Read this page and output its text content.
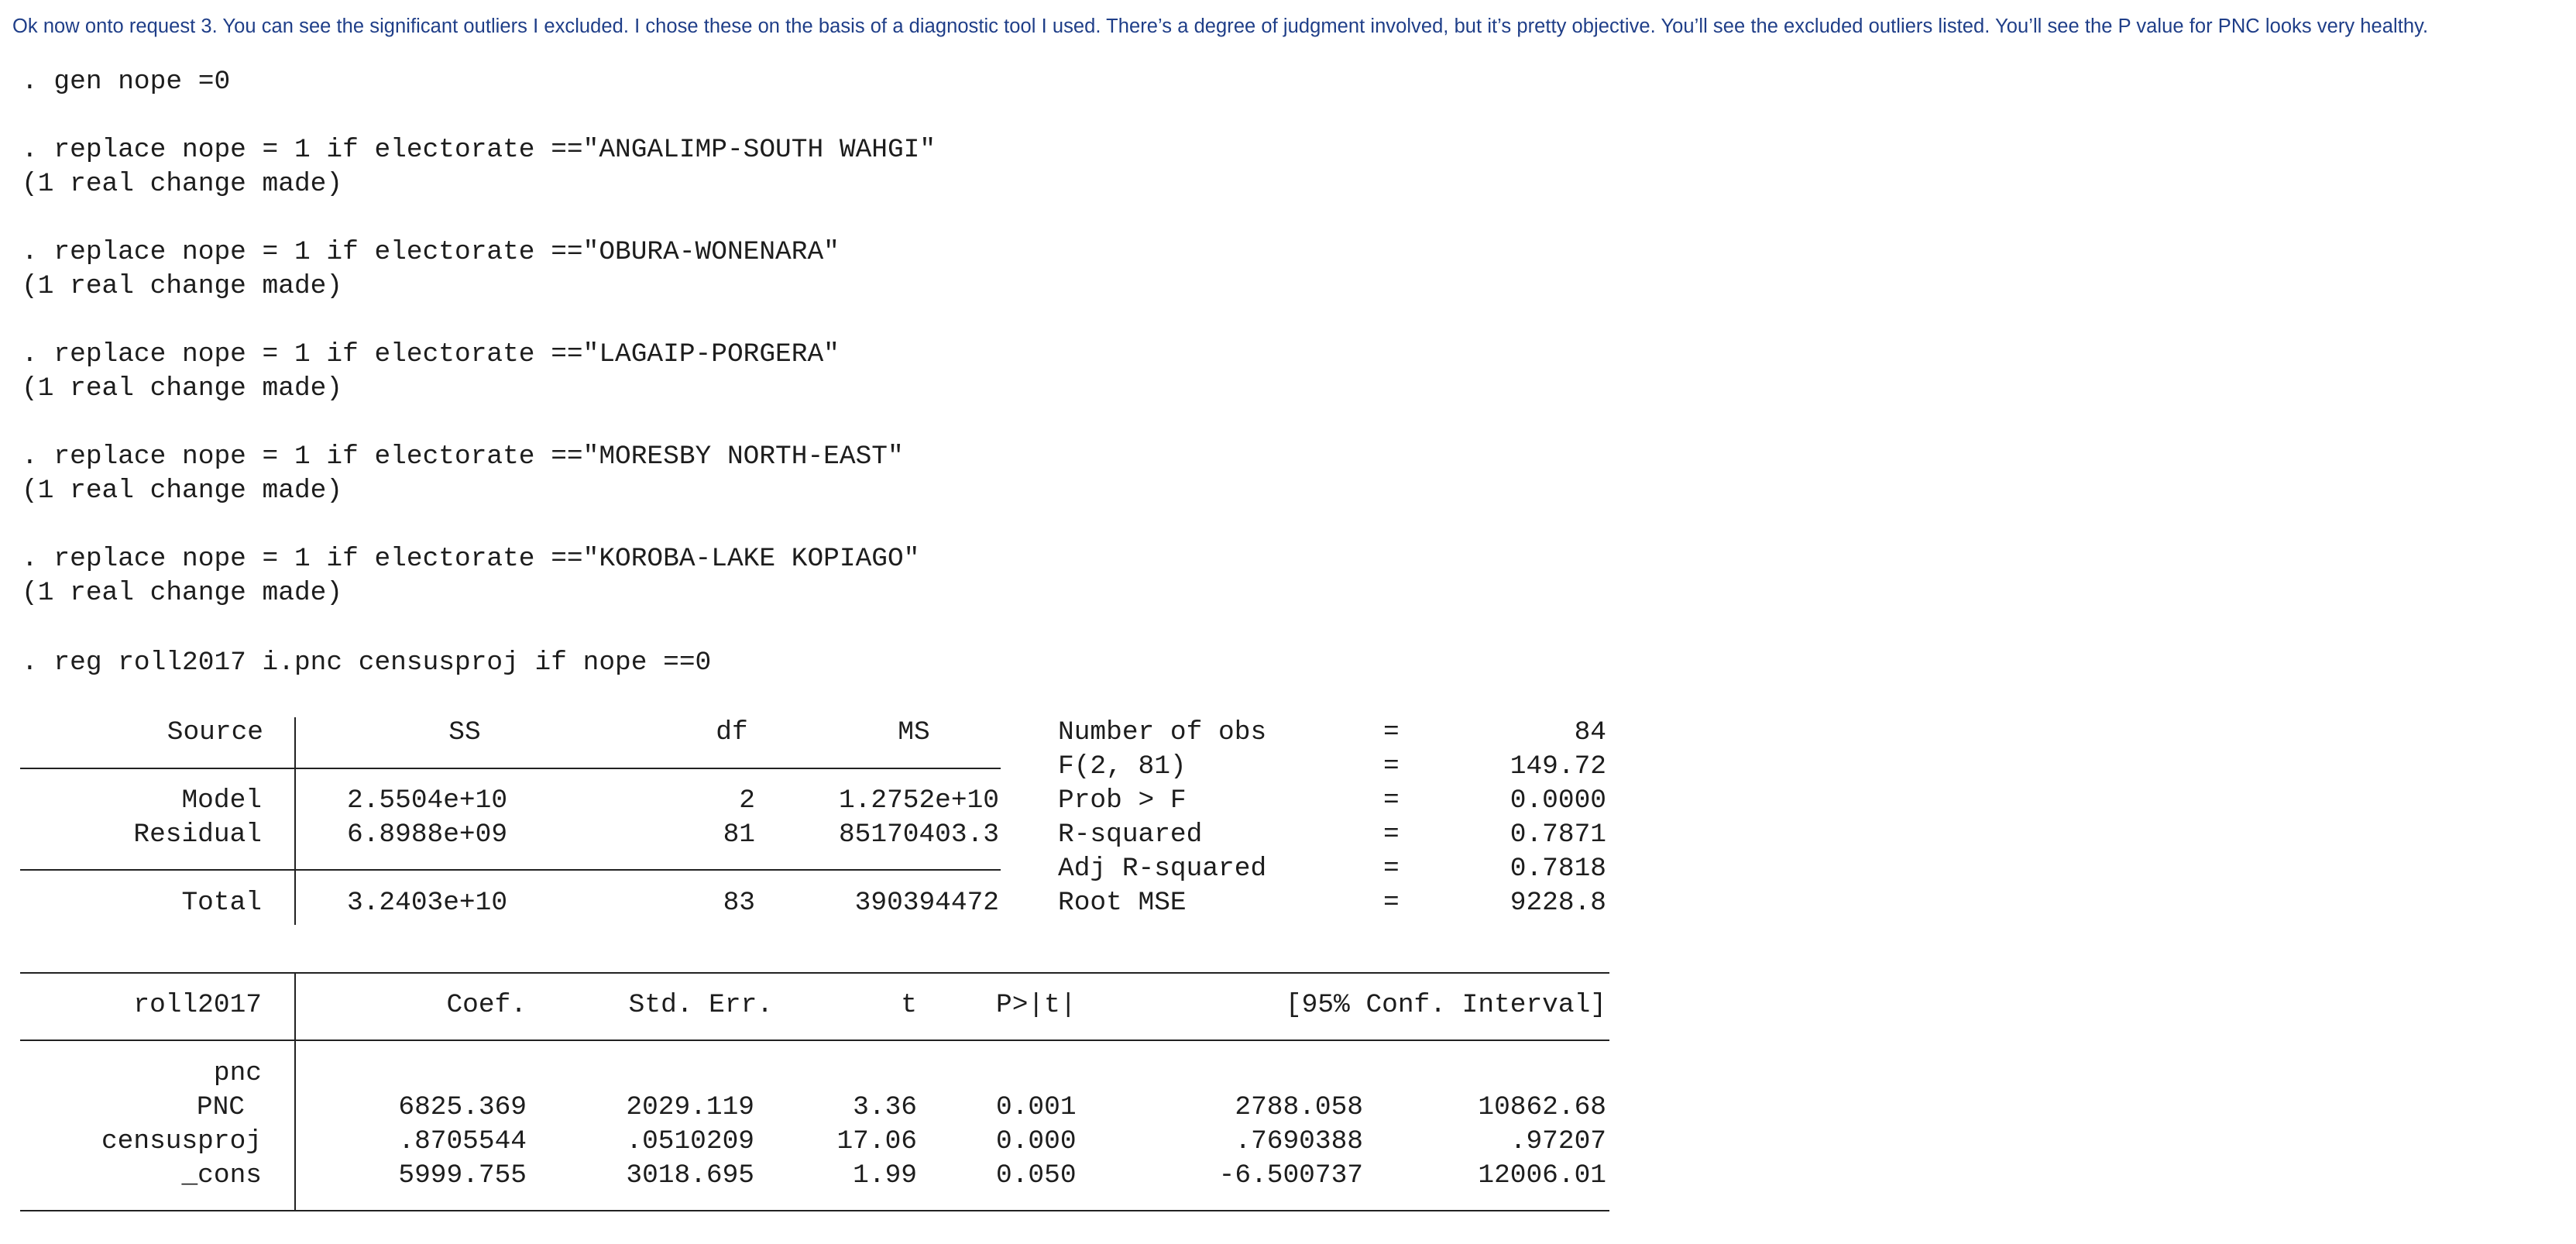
Ok now onto request 3. You can see the significant outliers I excluded. I chose these on the basis of a diagnostic tool I used. There’s a degree of judgment involved, but it’s pretty objective. You’ll see the excluded outliers listed. You’ll see the P value for PNC looks very healthy.
. gen nope =0
. replace nope = 1 if electorate =="ANGALIMP-SOUTH WAHGI"
(1 real change made)
. replace nope = 1 if electorate =="OBURA-WONENARA"
(1 real change made)
. replace nope = 1 if electorate =="LAGAIP-PORGERA"
(1 real change made)
. replace nope = 1 if electorate =="MORESBY NORTH-EAST"
(1 real change made)
. replace nope = 1 if electorate =="KOROBA-LAKE KOPIAGO"
(1 real change made)
. reg roll2017 i.pnc censusproj if nope ==0
Source	SS	df	MS
Model	2.5504e+10	2	1.2752e+10
Residual	6.8988e+09	81	85170403.3
Total	3.2403e+10	83	390394472
Number of obs	=	84
F(2, 81)	=	149.72
Prob > F	=	0.0000
R-squared	=	0.7871
Adj R-squared	=	0.7818
Root MSE	=	9228.8
roll2017	Coef.	Std. Err.	t	P>|t|	[95% Conf. Interval]
pnc
PNC	6825.369	2029.119	3.36	0.001	2788.058	10862.68
censusproj	.8705544	.0510209	17.06	0.000	.7690388	.97207
_cons	5999.755	3018.695	1.99	0.050	-6.500737	12006.01
